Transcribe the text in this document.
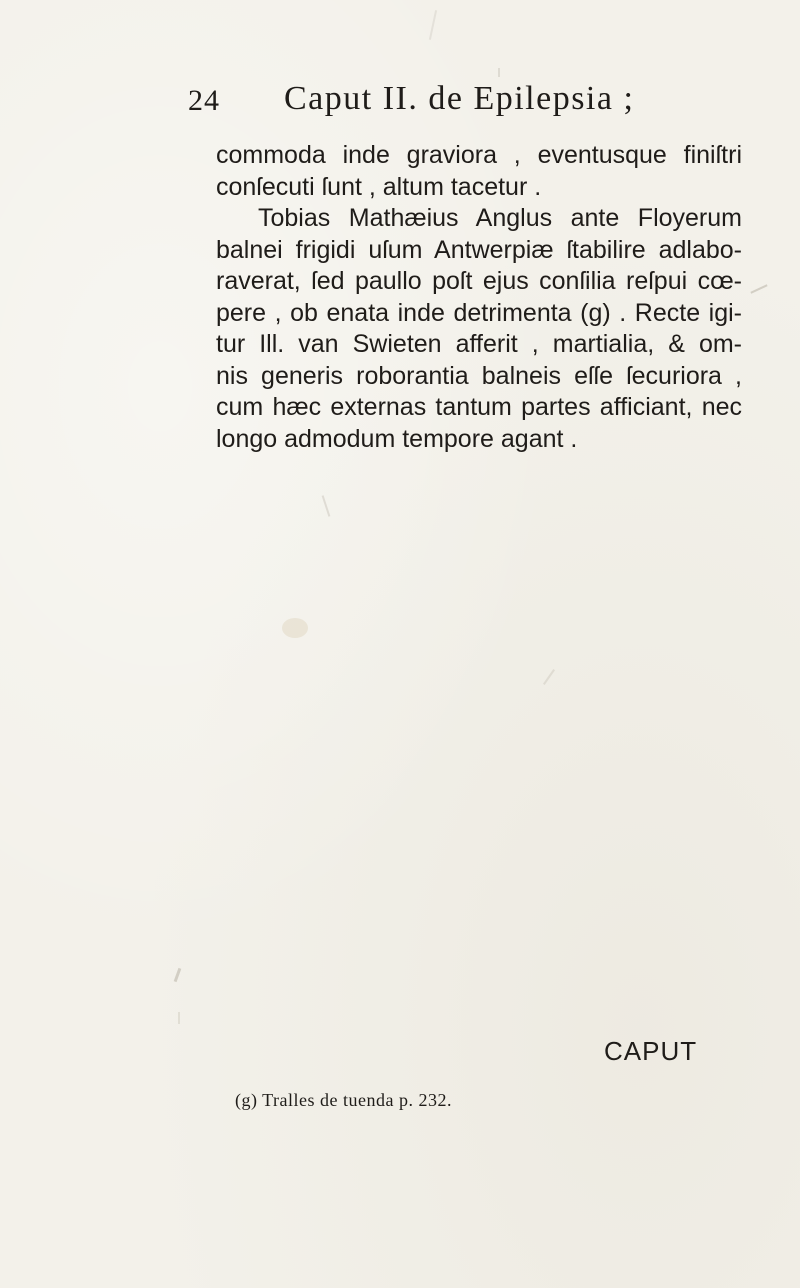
24 Caput II. de Epilepsia ;
commoda inde graviora , eventusque finiſtri
conſecuti ſunt , altum tacetur .
Tobias Mathæius Anglus ante Floyerum
balnei frigidi uſum Antwerpiæ ſtabilire adlabo-
raverat, ſed paullo poſt ejus conſilia reſpui cœ-
pere , ob enata inde detrimenta (g) . Recte igi-
tur Ill. van Swieten afferit , martialia, & om-
nis generis roborantia balneis eſſe ſecuriora ,
cum hæc externas tantum partes afficiant, nec
longo admodum tempore agant .
CAPUT
(g) Tralles de tuenda p. 232.
